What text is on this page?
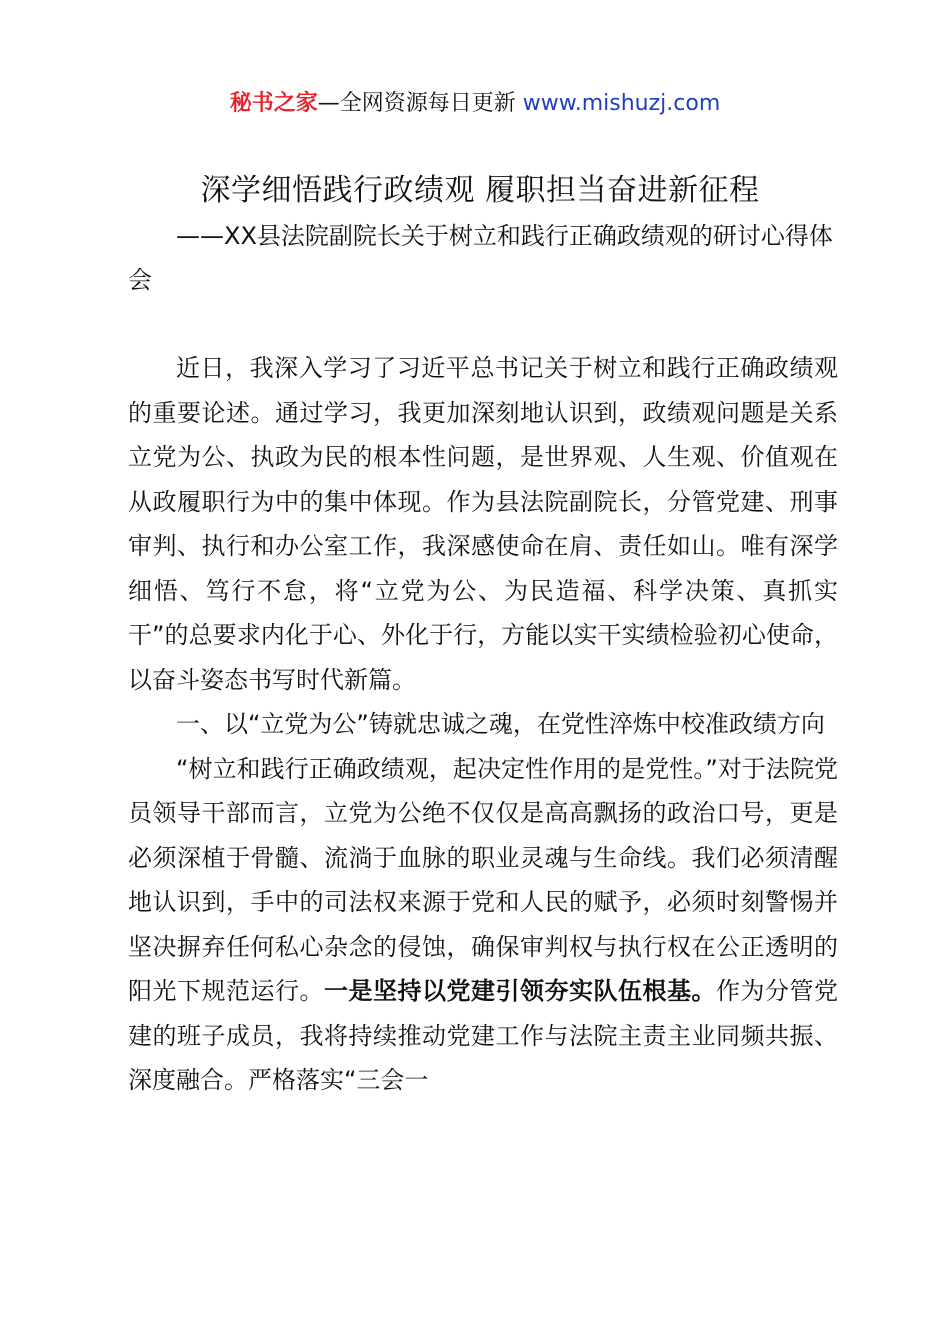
秘书之家—全网资源每日更新 www.mishuzj.com
深学细悟践行政绩观 履职担当奋进新征程

——XX县法院副院长关于树立和践行正确政绩观的研讨心得体会

近日，我深入学习了习近平总书记关于树立和践行正确政绩观的重要论述。通过学习，我更加深刻地认识到，政绩观问题是关系立党为公、执政为民的根本性问题，是世界观、人生观、价值观在从政履职行为中的集中体现。作为县法院副院长，分管党建、刑事审判、执行和办公室工作，我深感使命在肩、责任如山。唯有深学细悟、笃行不怠，将“立党为公、为民造福、科学决策、真抓实干”的总要求内化于心、外化于行，方能以实干实绩检验初心使命，以奋斗姿态书写时代新篇。

一、以“立党为公”铸就忠诚之魂，在党性淬炼中校准政绩方向

“树立和践行正确政绩观，起决定性作用的是党性。”对于法院党员领导干部而言，立党为公绝不仅仅是高高飘扬的政治口号，更是必须深植于骨髓、流淌于血脉的职业灵魂与生命线。我们必须清醒地认识到，手中的司法权来源于党和人民的赋予，必须时刻警惕并坚决摒弃任何私心杂念的侵蚀，确保审判权与执行权在公正透明的阳光下规范运行。一是坚持以党建引领夯实队伍根基。作为分管党建的班子成员，我将持续推动党建工作与法院主责主业同频共振、深度融合。严格落实“三会一
